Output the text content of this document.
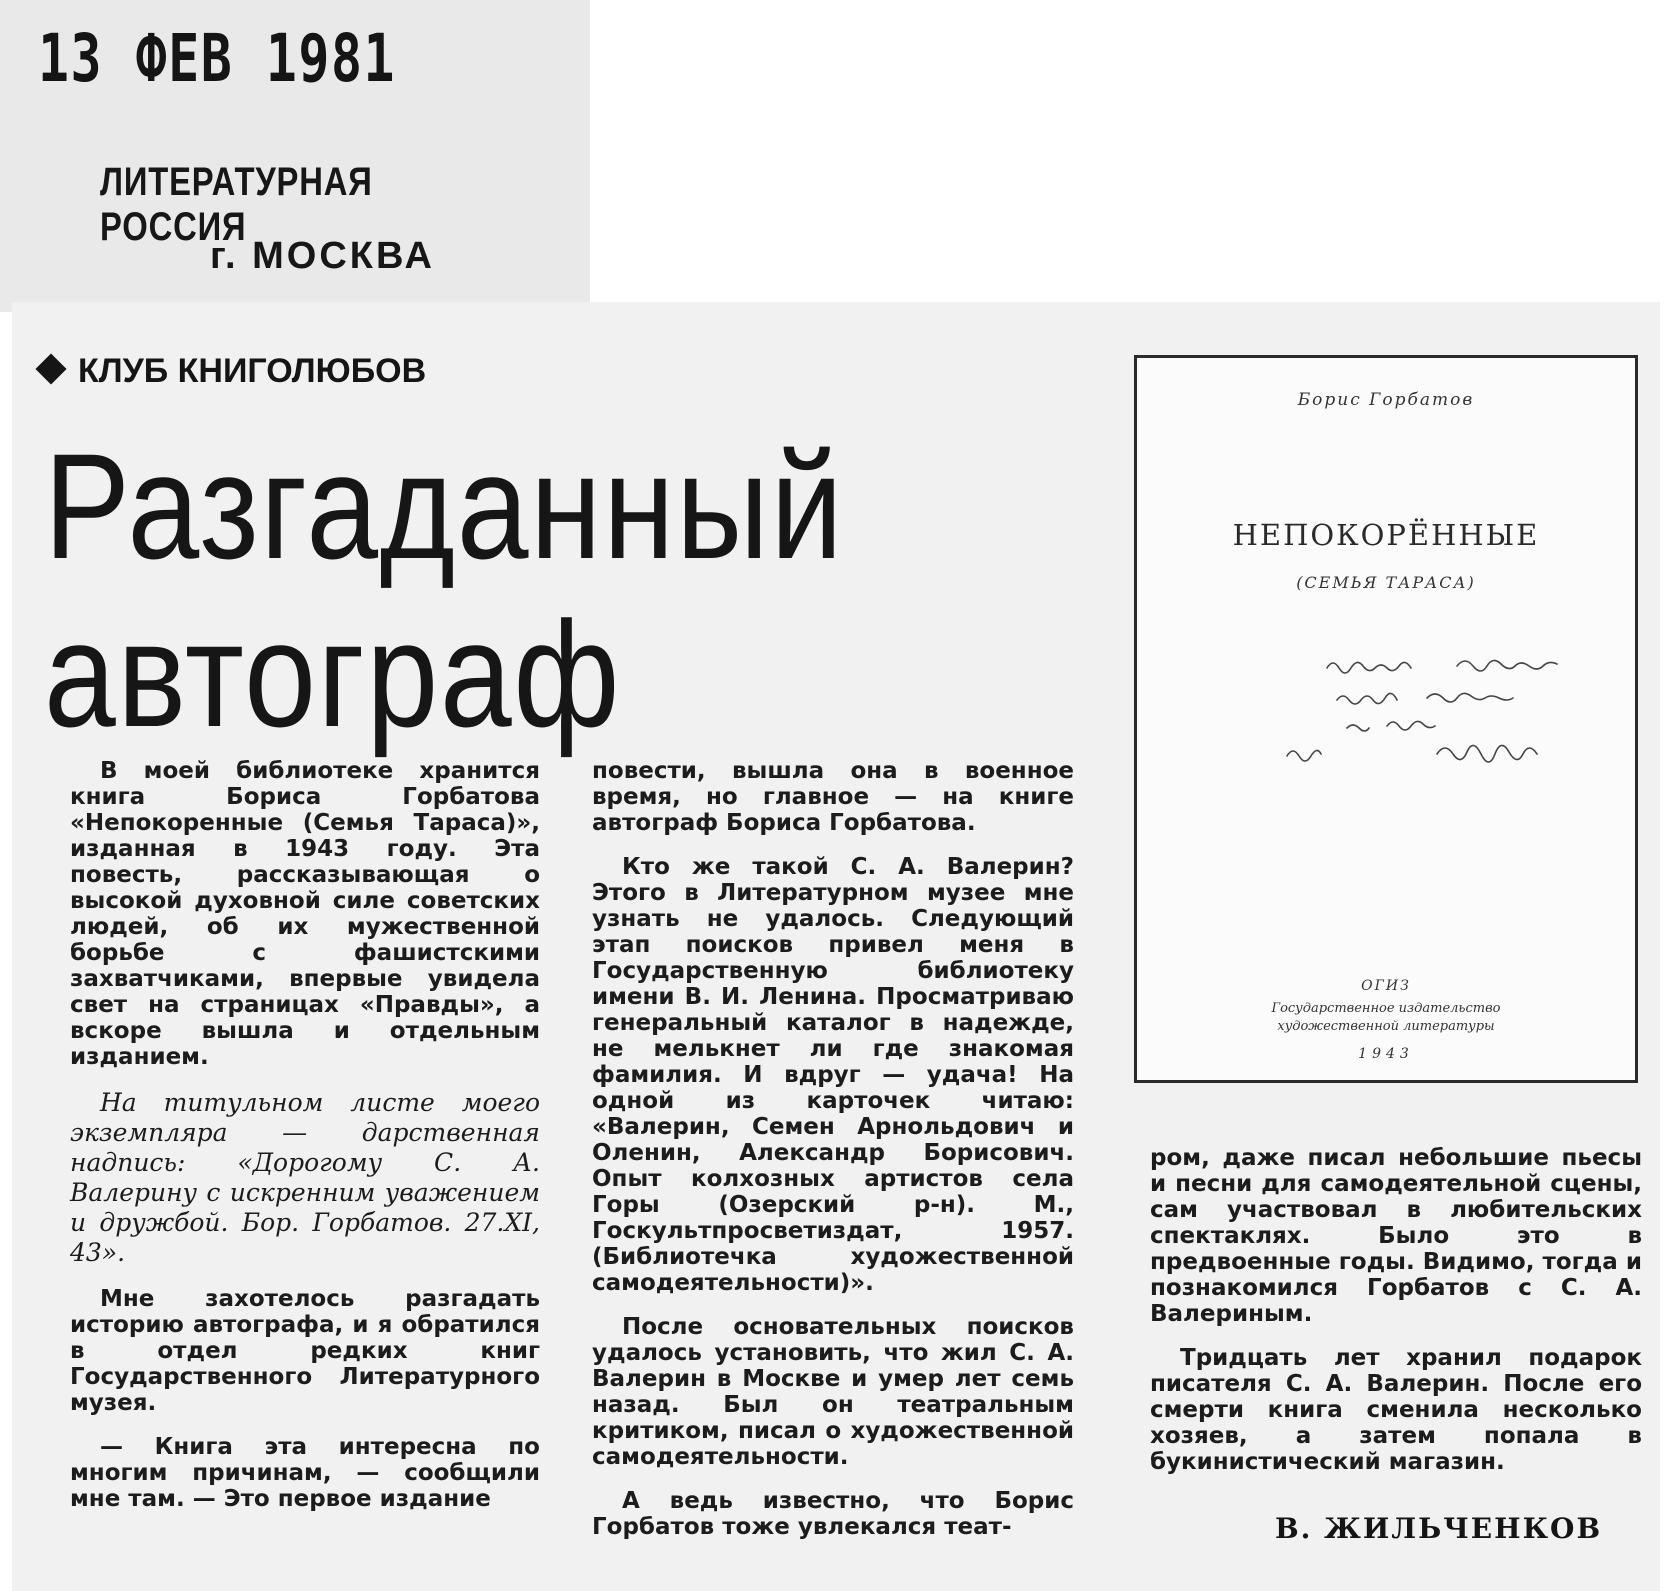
13 ФЕВ 1981
ЛИТЕРАТУРНАЯ РОССИЯ
г. МОСКВА
КЛУБ КНИГОЛЮБОВ
Разгаданный
автограф

В моей библиотеке хранится книга Бориса Горбатова «Непокоренные (Семья Тараса)», изданная в 1943 году. Эта повесть, рассказывающая о высокой духовной силе советских людей, об их мужественной борьбе с фашистскими захватчиками, впервые увидела свет на страницах «Правды», а вскоре вышла и отдельным изданием.

На титульном листе моего экземпляра — дарственная надпись: «Дорогому С. А. Валерину с искренним уважением и дружбой. Бор. Горбатов. 27.XI, 43».

Мне захотелось разгадать историю автографа, и я обратился в отдел редких книг Государственного Литературного музея.

— Книга эта интересна по многим причинам, — сообщили мне там. — Это первое издание

повести, вышла она в военное время, но главное — на книге автограф Бориса Горбатова.

Кто же такой С. А. Валерин? Этого в Литературном музее мне узнать не удалось. Следующий этап поисков привел меня в Государственную библиотеку имени В. И. Ленина. Просматриваю генеральный каталог в надежде, не мелькнет ли где знакомая фамилия. И вдруг — удача! На одной из карточек читаю: «Валерин, Семен Арнольдович и Оленин, Александр Борисович. Опыт колхозных артистов села Горы (Озерский р-н). М., Госкультпросветиздат, 1957. (Библиотечка художественной самодеятельности)».

После основательных поисков удалось установить, что жил С. А. Валерин в Москве и умер лет семь назад. Был он театральным критиком, писал о художественной самодеятельности.

А ведь известно, что Борис Горбатов тоже увлекался теат-

ром, даже писал небольшие пьесы и песни для самодеятельной сцены, сам участвовал в любительских спектаклях. Было это в предвоенные годы. Видимо, тогда и познакомился Горбатов с С. А. Валериным.

Тридцать лет хранил подарок писателя С. А. Валерин. После его смерти книга сменила несколько хозяев, а затем попала в букинистический магазин.

В. ЖИЛЬЧЕНКОВ
Борис Горбатов
НЕПОКОРЁННЫЕ
(СЕМЬЯ ТАРАСА)
ОГИЗ
Государственное издательство
художественной литературы
1943
